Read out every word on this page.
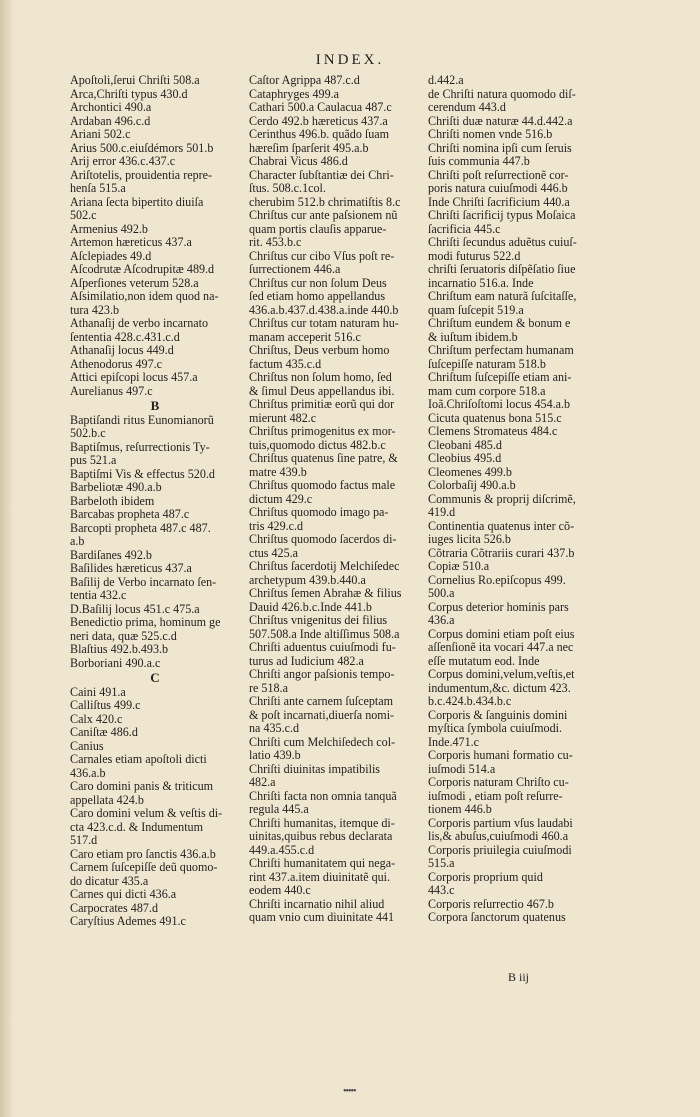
INDEX.
Apoſtoli,ſerui Chriſti 508.a
Arca,Chriſti typus 430.d
Archontici 490.a
Ardaban 496.c.d
Ariani 502.c
Arius 500.c.eiuſdémors 501.b
Arij error 436.c.437.c
Ariſtotelis, prouidentia repre-
henſa 515.a
Ariana ſecta bipertito diuiſa
502.c
Armenius 492.b
Artemon hæreticus 437.a
Aſclepiades 49.d
Aſcodrutæ Aſcodrupitæ 489.d
Aſperſiones veterum 528.a
Aſsimilatio,non idem quod na-
tura 423.b
Athanaſij de verbo incarnato
ſententia 428.c.431.c.d
Athanaſij locus 449.d
Athenodorus 497.c
Attici epiſcopi locus 457.a
Aurelianus 497.c
B
Baptiſandi ritus Eunomianorũ
502.b.c
Baptiſmus, reſurrectionis Ty-
pus 521.a
Baptiſmi Vis & effectus 520.d
Barbeliotæ 490.a.b
Barbeloth ibidem
Barcabas propheta 487.c
Barcopti propheta 487.c 487.
a.b
Bardiſanes 492.b
Baſilides hæreticus 437.a
Baſilij de Verbo incarnato ſen-
tentia 432.c
D.Baſilij locus 451.c 475.a
Benedictio prima, hominum ge
neri data, quæ 525.c.d
Blaſtius 492.b.493.b
Borboriani 490.a.c
C
Caini 491.a
Calliſtus 499.c
Calx 420.c
Caniſtæ 486.d
Canius
Carnales etiam apoſtoli dicti
436.a.b
Caro domini panis & triticum
appellata 424.b
Caro domini velum & veſtis di-
cta 423.c.d. & Indumentum
517.d
Caro etiam pro ſanctis 436.a.b
Carnem ſuſcepiſſe deũ quomo-
do dicatur 435.a
Carnes qui dicti 436.a
Carpocrates 487.d
Caryſtius Ademes 491.c
Caſtor Agrippa 487.c.d
Cataphryges 499.a
Cathari 500.a Caulacua 487.c
Cerdo 492.b hæreticus 437.a
Cerinthus 496.b. quãdo ſuam
hæreſim ſparſerit 495.a.b
Chabrai Vicus 486.d
Character ſubſtantiæ dei Chri-
ſtus. 508.c.1col.
cherubim 512.b chrimatiſtis 8.c
Chriſtus cur ante paſsionem nũ
quam portis clauſis apparue-
rit. 453.b.c
Chriſtus cur cibo Vſus poſt re-
ſurrectionem 446.a
Chriſtus cur non ſolum Deus
ſed etiam homo appellandus
436.a.b.437.d.438.a.inde 440.b
Chriſtus cur totam naturam hu-
manam acceperit 516.c
Chriſtus, Deus verbum homo
factum 435.c.d
Chriſtus non ſolum homo, ſed
& ſimul Deus appellandus ibi.
Chriſtus primitiæ eorũ qui dor
mierunt 482.c
Chriſtus primogenitus ex mor-
tuis,quomodo dictus 482.b.c
Chriſtus quatenus ſine patre, &
matre 439.b
Chriſtus quomodo factus male
dictum 429.c
Chriſtus quomodo imago pa-
tris 429.c.d
Chriſtus quomodo ſacerdos di-
ctus 425.a
Chriſtus ſacerdotij Melchiſedec
archetypum 439.b.440.a
Chriſtus ſemen Abrahæ & filius
Dauid 426.b.c.Inde 441.b
Chriſtus vnigenitus dei filius
507.508.a Inde altiſſimus 508.a
Chriſti aduentus cuiuſmodi fu-
turus ad Iudicium 482.a
Chriſti angor paſsionis tempo-
re 518.a
Chriſti ante carnem ſuſceptam
& poſt incarnati,diuerſa nomi-
na 435.c.d
Chriſti cum Melchiſedech col-
latio 439.b
Chriſti diuinitas impatibilis
482.a
Chriſti facta non omnia tanquã
regula 445.a
Chriſti humanitas, itemque di-
uinitas,quibus rebus declarata
449.a.455.c.d
Chriſti humanitatem qui nega-
rint 437.a.item diuinitatẽ qui.
eodem 440.c
Chriſti incarnatio nihil aliud
quam vnio cum diuinitate 441
d.442.a
de Chriſti natura quomodo diſ-
cerendum 443.d
Chriſti duæ naturæ 44.d.442.a
Chriſti nomen vnde 516.b
Chriſti nomina ipſi cum ſeruis
ſuis communia 447.b
Chriſti poſt reſurrectionẽ cor-
poris natura cuiuſmodi 446.b
Inde Chriſti ſacrificium 440.a
Chriſti ſacrificij typus Moſaica
ſacrificia 445.c
Chriſti ſecundus aduẽtus cuiuſ-
modi futurus 522.d
chriſti ſeruatoris diſpẽſatio ſiue
incarnatio 516.a. Inde
Chriſtum eam naturã ſuſcitaſſe,
quam ſuſcepit 519.a
Chriſtum eundem & bonum e
& iuſtum ibidem.b
Chriſtum perfectam humanam
ſuſcepiſſe naturam 518.b
Chriſtum ſuſcepiſſe etiam ani-
mam cum corpore 518.a
Ioã.Chriſoſtomi locus 454.a.b
Cicuta quatenus bona 515.c
Clemens Stromateus 484.c
Cleobani 485.d
Cleobius 495.d
Cleomenes 499.b
Colorbaſij 490.a.b
Communis & proprij diſcrimẽ,
419.d
Continentia quatenus inter cõ-
iuges licita 526.b
Cõtraria Cõtrariis curari 437.b
Copiæ 510.a
Cornelius Ro.epiſcopus 499.
500.a
Corpus deterior hominis pars
436.a
Corpus domini etiam poſt eius
aſſenſionẽ ita vocari 447.a nec
eſſe mutatum eod. Inde
Corpus domini,velum,veſtis,et
indumentum,&c. dictum 423.
b.c.424.b.434.b.c
Corporis & ſanguinis domini
myſtica ſymbola cuiuſmodi.
Inde.471.c
Corporis humani formatio cu-
iuſmodi 514.a
Corporis naturam Chriſto cu-
iuſmodi , etiam poſt reſurre-
tionem 446.b
Corporis partium vſus laudabi
lis,& abuſus,cuiuſmodi 460.a
Corporis priuilegia cuiuſmodi
515.a
Corporis proprium quid
443.c
Corporis reſurrectio 467.b
Corpora ſanctorum quatenus
B iij
•••••
